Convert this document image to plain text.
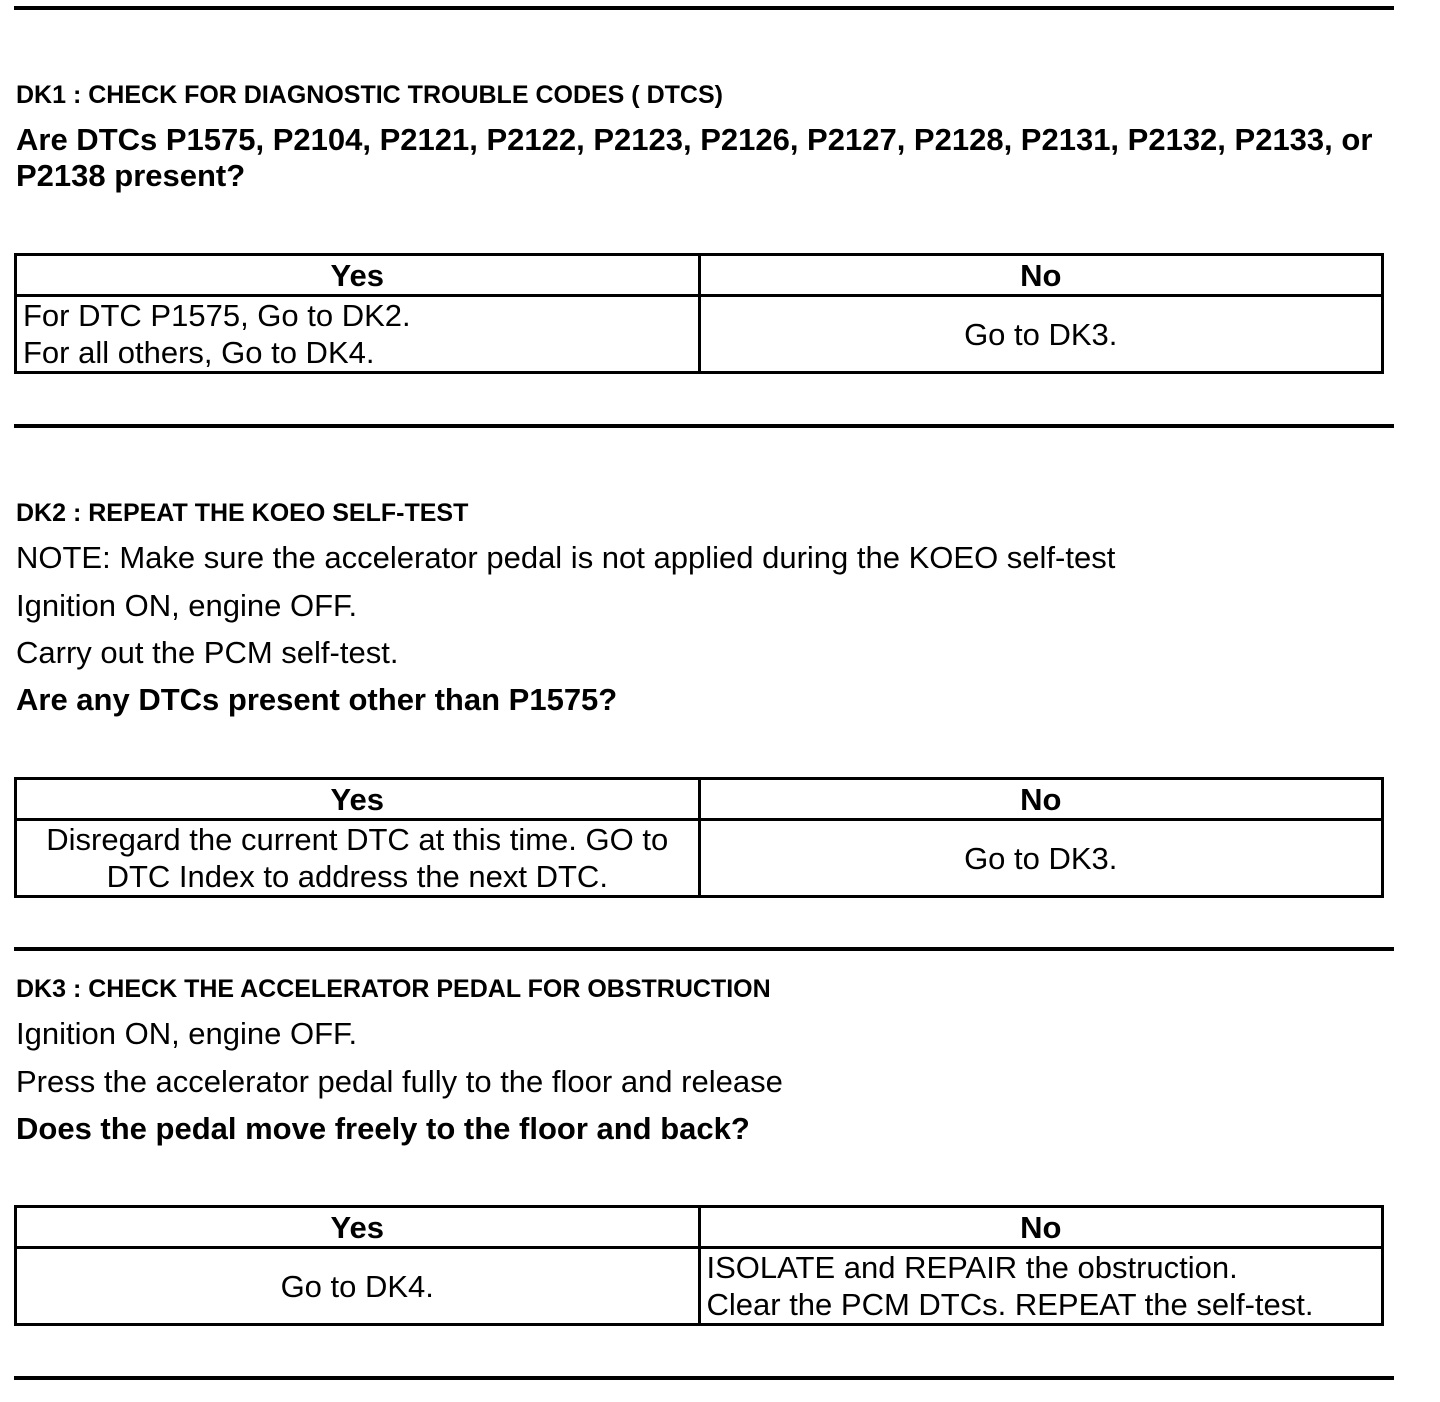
DK1 : CHECK FOR DIAGNOSTIC TROUBLE CODES ( DTCS)
Are DTCs P1575, P2104, P2121, P2122, P2123, P2126, P2127, P2128, P2131, P2132, P2133, or P2138 present?
Yes	No

For DTC P1575, Go to DK2.
For all others, Go to DK4.	Go to DK3.
DK2 : REPEAT THE KOEO SELF-TEST
NOTE: Make sure the accelerator pedal is not applied during the KOEO self-test
Ignition ON, engine OFF.
Carry out the PCM self-test.
Are any DTCs present other than P1575?
Yes	No

Disregard the current DTC at this time. GO to
DTC Index to address the next DTC.	Go to DK3.
DK3 : CHECK THE ACCELERATOR PEDAL FOR OBSTRUCTION
Ignition ON, engine OFF.
Press the accelerator pedal fully to the floor and release
Does the pedal move freely to the floor and back?
Yes	No

Go to DK4.	ISOLATE and REPAIR the obstruction.
Clear the PCM DTCs. REPEAT the self-test.
